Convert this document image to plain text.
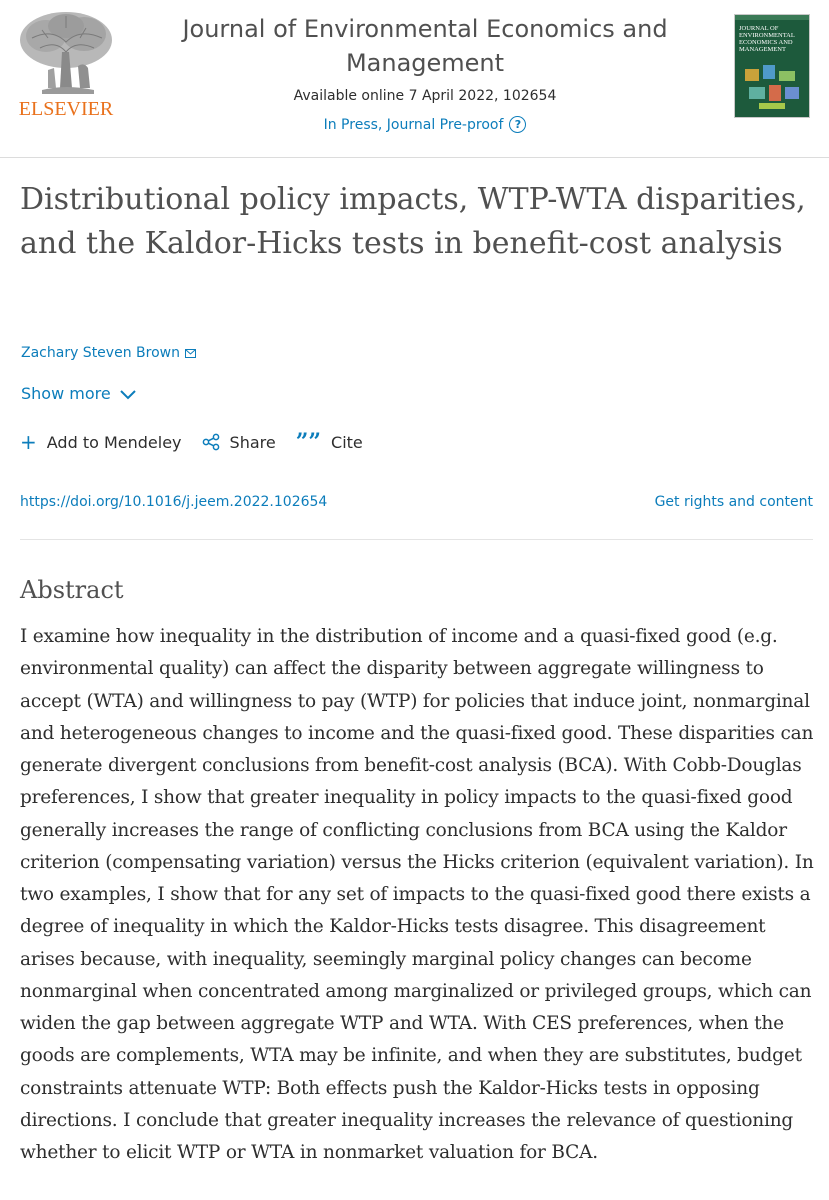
ELSEVIER
Journal of Environmental Economics and Management
Available online 7 April 2022, 102654
In Press, Journal Pre-proof	?
JOURNAL OF ENVIRONMENTAL ECONOMICS AND MANAGEMENT
Distributional policy impacts, WTP-WTA disparities, and the Kaldor-Hicks tests in benefit-cost analysis
Zachary Steven Brown
Show more
+ Add to Mendeley	Share ”” Cite
https://doi.org/10.1016/j.jeem.2022.102654	Get rights and content
Abstract

I examine how inequality in the distribution of income and a quasi-fixed good (e.g. environmental quality) can affect the disparity between aggregate willingness to accept (WTA) and willingness to pay (WTP) for policies that induce joint, nonmarginal and heterogeneous changes to income and the quasi-fixed good. These disparities can generate divergent conclusions from benefit-cost analysis (BCA). With Cobb-Douglas preferences, I show that greater inequality in policy impacts to the quasi-fixed good generally increases the range of conflicting conclusions from BCA using the Kaldor criterion (compensating variation) versus the Hicks criterion (equivalent variation). In two examples, I show that for any set of impacts to the quasi-fixed good there exists a degree of inequality in which the Kaldor-Hicks tests disagree. This disagreement arises because, with inequality, seemingly marginal policy changes can become nonmarginal when concentrated among marginalized or privileged groups, which can widen the gap between aggregate WTP and WTA. With CES preferences, when the goods are complements, WTA may be infinite, and when they are substitutes, budget constraints attenuate WTP: Both effects push the Kaldor-Hicks tests in opposing directions. I conclude that greater inequality increases the relevance of questioning whether to elicit WTP or WTA in nonmarket valuation for BCA.
